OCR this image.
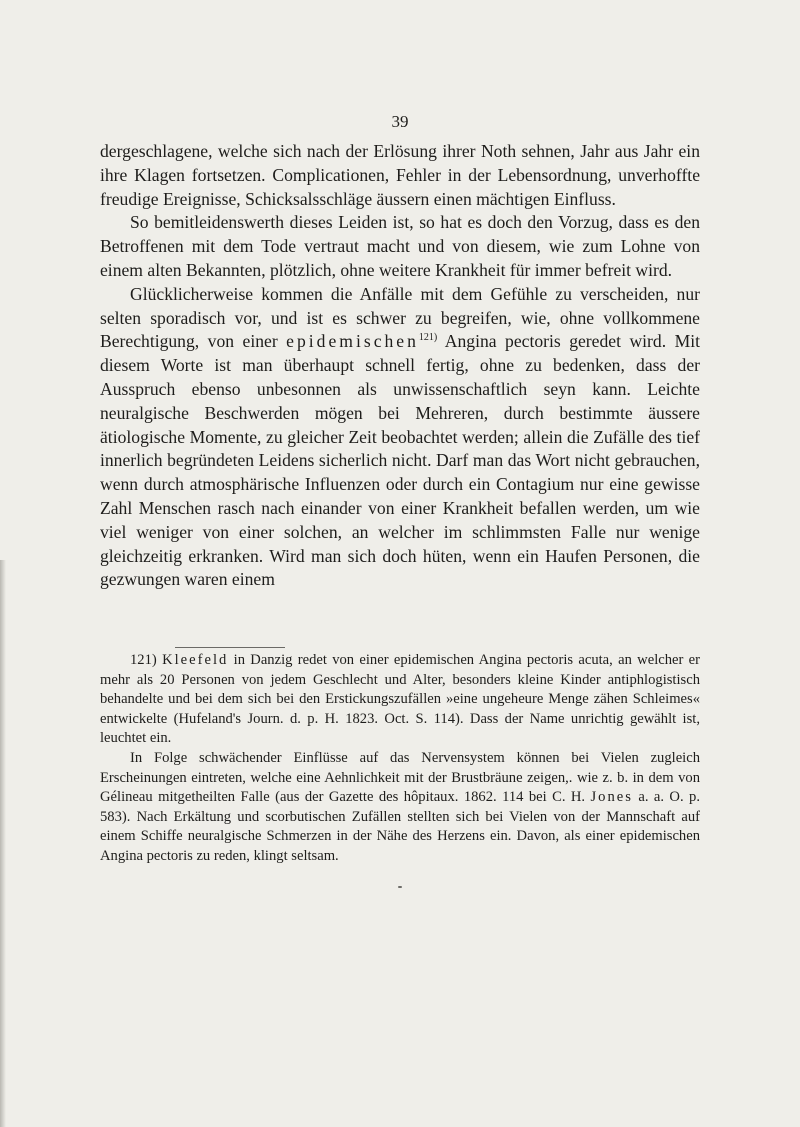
39

dergeschlagene, welche sich nach der Erlösung ihrer Noth sehnen, Jahr aus Jahr ein ihre Klagen fortsetzen. Complicationen, Fehler in der Lebensordnung, unverhoffte freudige Ereignisse, Schicksalsschläge äussern einen mächtigen Einfluss.

So bemitleidenswerth dieses Leiden ist, so hat es doch den Vorzug, dass es den Betroffenen mit dem Tode vertraut macht und von diesem, wie zum Lohne von einem alten Bekannten, plötzlich, ohne weitere Krankheit für immer befreit wird.

Glücklicherweise kommen die Anfälle mit dem Gefühle zu verscheiden, nur selten sporadisch vor, und ist es schwer zu begreifen, wie, ohne vollkommene Berechtigung, von einer epidemischen$^{121)}$ Angina pectoris geredet wird. Mit diesem Worte ist man überhaupt schnell fertig, ohne zu bedenken, dass der Ausspruch ebenso unbesonnen als unwissenschaftlich seyn kann. Leichte neuralgische Beschwerden mögen bei Mehreren, durch bestimmte äussere ätiologische Momente, zu gleicher Zeit beobachtet werden; allein die Zufälle des tief innerlich begründeten Leidens sicherlich nicht. Darf man das Wort nicht gebrauchen, wenn durch atmosphärische Influenzen oder durch ein Contagium nur eine gewisse Zahl Menschen rasch nach einander von einer Krankheit befallen werden, um wie viel weniger von einer solchen, an welcher im schlimmsten Falle nur wenige gleichzeitig erkranken. Wird man sich doch hüten, wenn ein Haufen Personen, die gezwungen waren einem

121) Kleefeld in Danzig redet von einer epidemischen Angina pectoris acuta, an welcher er mehr als 20 Personen von jedem Geschlecht und Alter, besonders kleine Kinder antiphlogistisch behandelte und bei dem sich bei den Erstickungszufällen »eine ungeheure Menge zähen Schleimes« entwickelte (Hufeland's Journ. d. p. H. 1823. Oct. S. 114). Dass der Name unrichtig gewählt ist, leuchtet ein.

In Folge schwächender Einflüsse auf das Nervensystem können bei Vielen zugleich Erscheinungen eintreten, welche eine Aehnlichkeit mit der Brustbräune zeigen,. wie z. b. in dem von Gélineau mitgetheilten Falle (aus der Gazette des hôpitaux. 1862. 114 bei C. H. Jones a. a. O. p. 583). Nach Erkältung und scorbutischen Zufällen stellten sich bei Vielen von der Mannschaft auf einem Schiffe neuralgische Schmerzen in der Nähe des Herzens ein. Davon, als einer epidemischen Angina pectoris zu reden, klingt seltsam.
